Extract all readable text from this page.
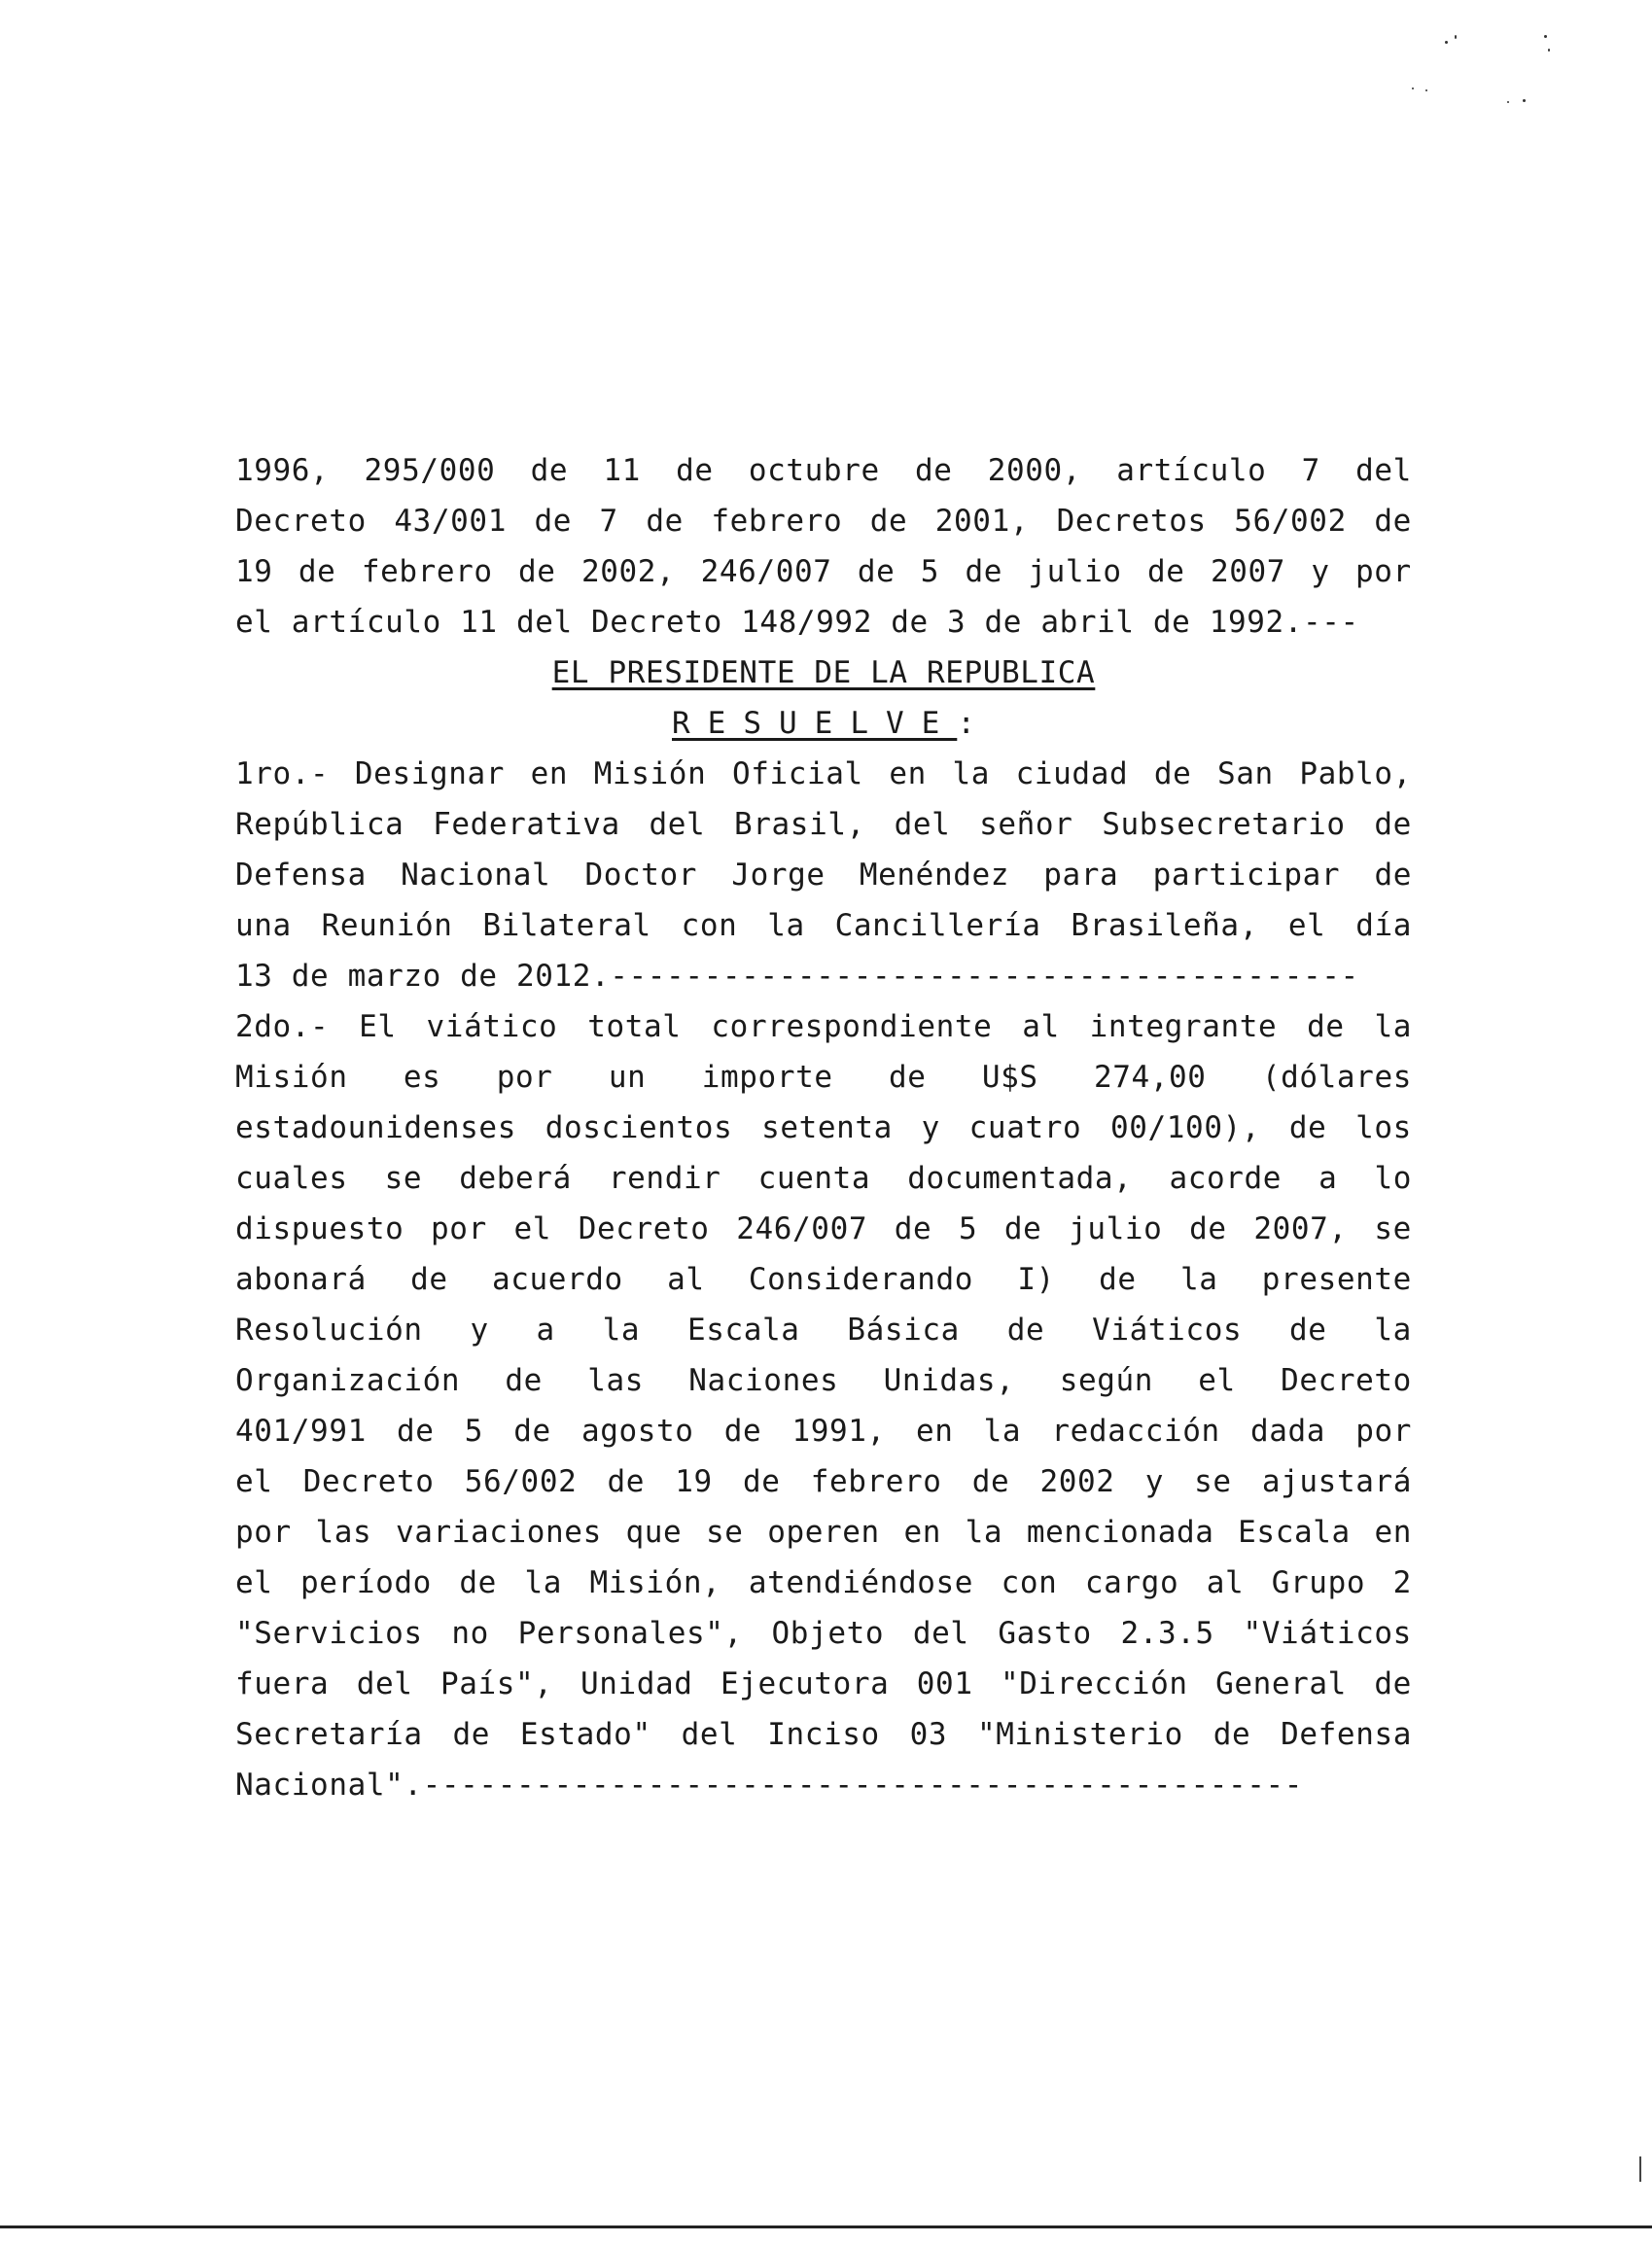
1996, 295/000 de 11 de octubre de 2000, artículo 7 del
Decreto 43/001 de 7 de febrero de 2001, Decretos 56/002 de
19 de febrero de 2002, 246/007 de 5 de julio de 2007 y por
el artículo 11 del Decreto 148/992 de 3 de abril de 1992.---
EL PRESIDENTE DE LA REPUBLICA
RESUELVE:
1ro.- Designar en Misión Oficial en la ciudad de San Pablo,
República Federativa del Brasil, del señor Subsecretario de
Defensa Nacional Doctor Jorge Menéndez para participar de
una Reunión Bilateral con la Cancillería Brasileña, el día
13 de marzo de 2012.----------------------------------------
2do.- El viático total correspondiente al integrante de la
Misión es por un importe de U$S 274,00 (dólares
estadounidenses doscientos setenta y cuatro 00/100), de los
cuales se deberá rendir cuenta documentada, acorde a lo
dispuesto por el Decreto 246/007 de 5 de julio de 2007, se
abonará de acuerdo al Considerando I) de la presente
Resolución y a la Escala Básica de Viáticos de la
Organización de las Naciones Unidas, según el Decreto
401/991 de 5 de agosto de 1991, en la redacción dada por
el Decreto 56/002 de 19 de febrero de 2002 y se ajustará
por las variaciones que se operen en la mencionada Escala en
el período de la Misión, atendiéndose con cargo al Grupo 2
"Servicios no Personales", Objeto del Gasto 2.3.5 "Viáticos
fuera del País", Unidad Ejecutora 001 "Dirección General de
Secretaría de Estado" del Inciso 03 "Ministerio de Defensa
Nacional".-----------------------------------------------
